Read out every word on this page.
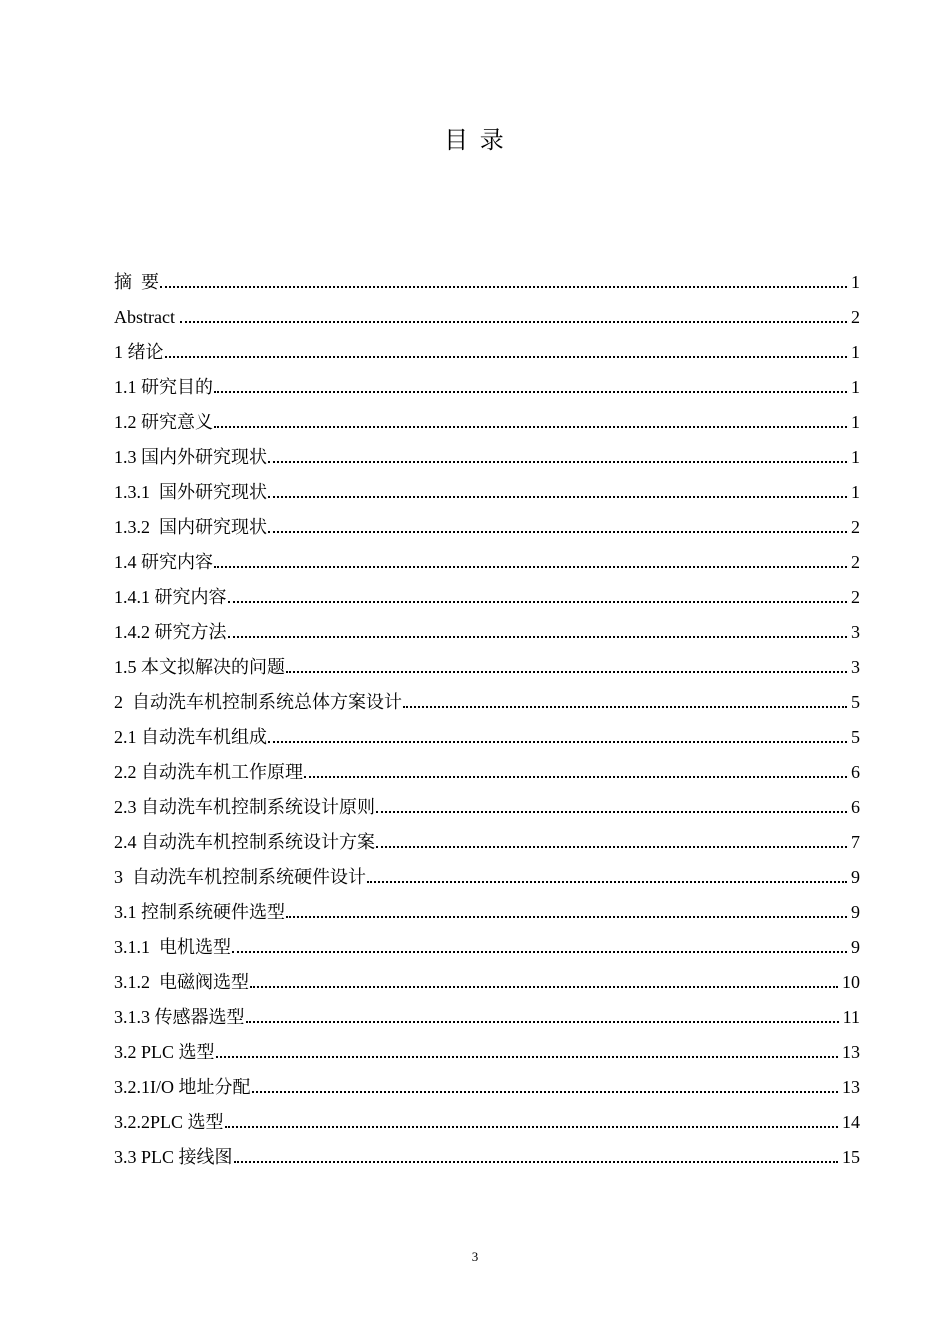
目 录
摘  要	1
Abstract	2
1 绪论	1
1.1 研究目的	1
1.2 研究意义	1
1.3 国内外研究现状	1
1.3.1  国外研究现状	1
1.3.2  国内研究现状	2
1.4 研究内容	2
1.4.1 研究内容	2
1.4.2 研究方法	3
1.5 本文拟解决的问题	3
2  自动洗车机控制系统总体方案设计	5
2.1 自动洗车机组成	5
2.2 自动洗车机工作原理	6
2.3 自动洗车机控制系统设计原则	6
2.4 自动洗车机控制系统设计方案	7
3  自动洗车机控制系统硬件设计	9
3.1 控制系统硬件选型	9
3.1.1  电机选型	9
3.1.2  电磁阀选型	10
3.1.3 传感器选型	11
3.2 PLC 选型	13
3.2.1I/O 地址分配	13
3.2.2PLC 选型	14
3.3 PLC 接线图	15
3
